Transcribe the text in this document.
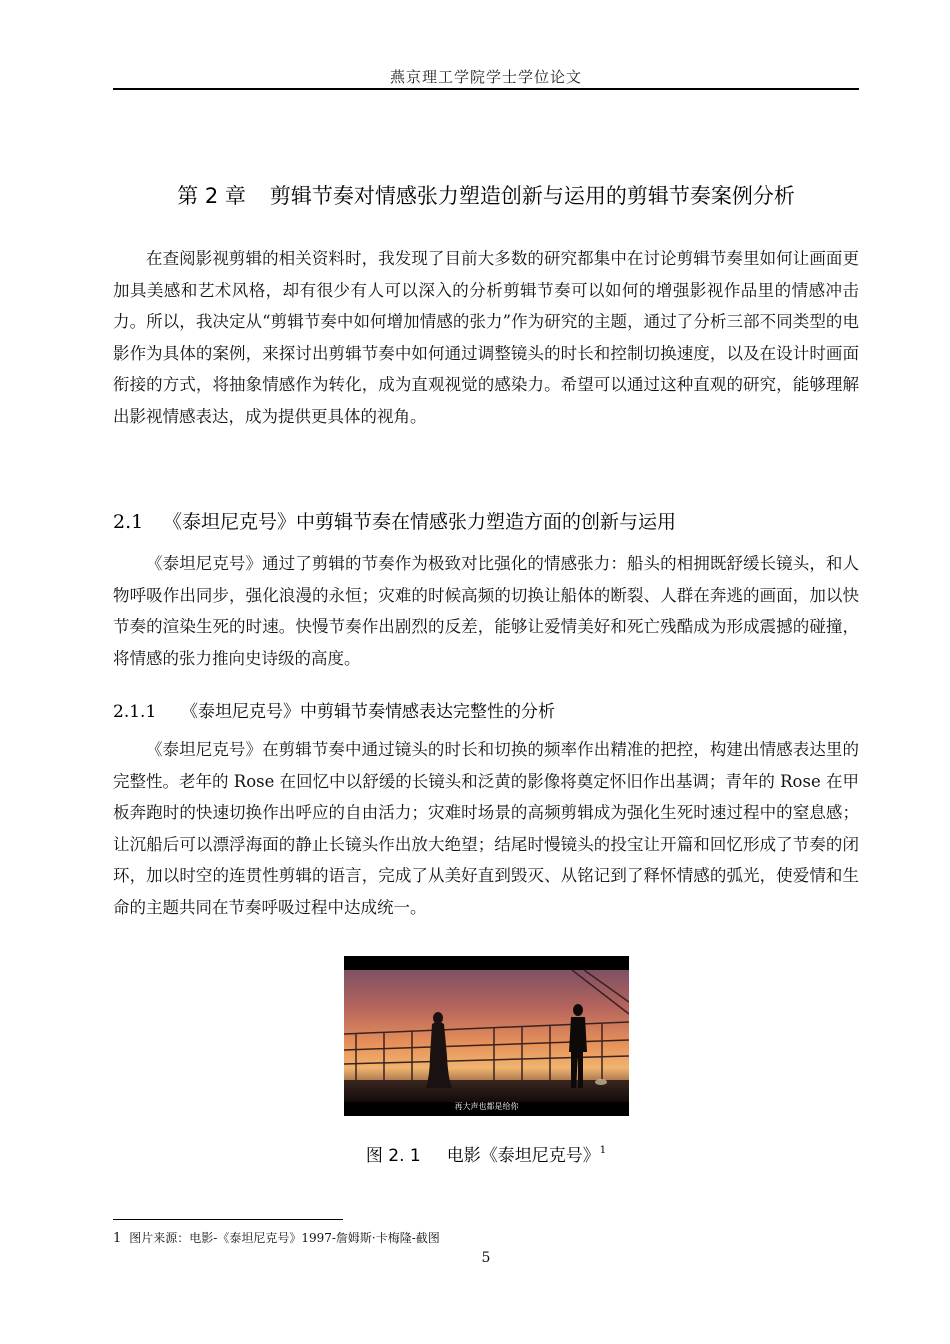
燕京理工学院学士学位论文
第 2 章 剪辑节奏对情感张力塑造创新与运用的剪辑节奏案例分析

在查阅影视剪辑的相关资料时，我发现了目前大多数的研究都集中在讨论剪辑节奏里如何让画面更加具美感和艺术风格，却有很少有人可以深入的分析剪辑节奏可以如何的增强影视作品里的情感冲击力。所以，我决定从“剪辑节奏中如何增加情感的张力”作为研究的主题，通过了分析三部不同类型的电影作为具体的案例，来探讨出剪辑节奏中如何通过调整镜头的时长和控制切换速度，以及在设计时画面衔接的方式，将抽象情感作为转化，成为直观视觉的感染力。希望可以通过这种直观的研究，能够理解出影视情感表达，成为提供更具体的视角。

2.1 《泰坦尼克号》中剪辑节奏在情感张力塑造方面的创新与运用

《泰坦尼克号》通过了剪辑的节奏作为极致对比强化的情感张力：船头的相拥既舒缓长镜头，和人物呼吸作出同步，强化浪漫的永恒；灾难的时候高频的切换让船体的断裂、人群在奔逃的画面，加以快节奏的渲染生死的时速。快慢节奏作出剧烈的反差，能够让爱情美好和死亡残酷成为形成震撼的碰撞，将情感的张力推向史诗级的高度。

2.1.1 《泰坦尼克号》中剪辑节奏情感表达完整性的分析

《泰坦尼克号》在剪辑节奏中通过镜头的时长和切换的频率作出精准的把控，构建出情感表达里的完整性。老年的 Rose 在回忆中以舒缓的长镜头和泛黄的影像将奠定怀旧作出基调；青年的 Rose 在甲板奔跑时的快速切换作出呼应的自由活力；灾难时场景的高频剪辑成为强化生死时速过程中的窒息感；让沉船后可以漂浮海面的静止长镜头作出放大绝望；结尾时慢镜头的投宝让开篇和回忆形成了节奏的闭环，加以时空的连贯性剪辑的语言，完成了从美好直到毁灭、从铭记到了释怀情感的弧光，使爱情和生命的主题共同在节奏呼吸过程中达成统一。

再大声也都是给你
图 2. 1 电影《泰坦尼克号》$^1$
1 图片来源：电影-《泰坦尼克号》1997-詹姆斯·卡梅隆-截图
5
